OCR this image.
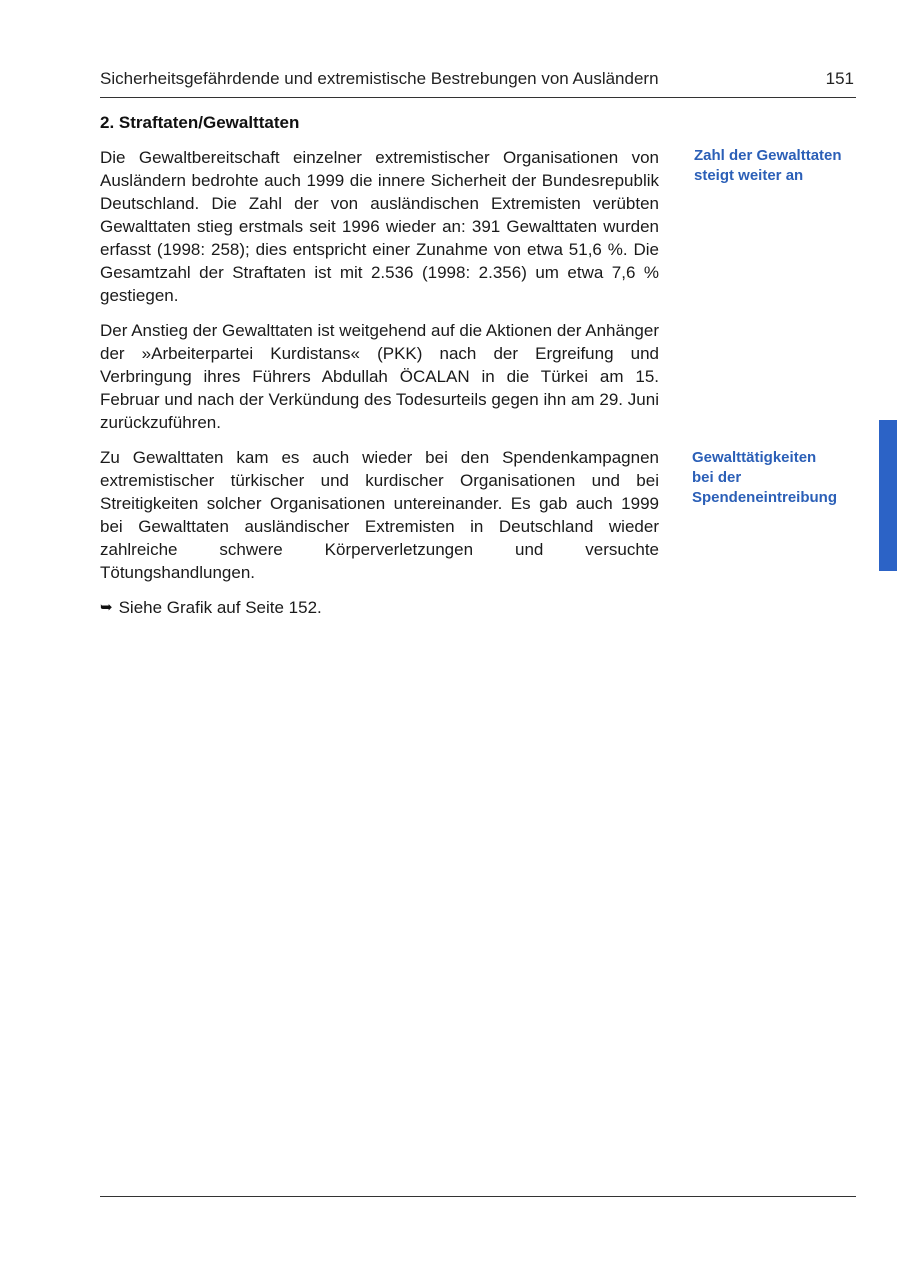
Sicherheitsgefährdende und extremistische Bestrebungen von Ausländern	151
2. Straftaten/Gewalttaten

Die Gewaltbereitschaft einzelner extremistischer Organisationen von Ausländern bedrohte auch 1999 die innere Sicherheit der Bundesrepublik Deutschland. Die Zahl der von ausländischen Extremisten verübten Gewalttaten stieg erstmals seit 1996 wieder an: 391 Gewalttaten wurden erfasst (1998: 258); dies entspricht einer Zunahme von etwa 51,6 %. Die Gesamtzahl der Straftaten ist mit 2.536 (1998: 2.356) um etwa 7,6 % gestiegen.

Der Anstieg der Gewalttaten ist weitgehend auf die Aktionen der Anhänger der »Arbeiterpartei Kurdistans« (PKK) nach der Ergreifung und Verbringung ihres Führers Abdullah ÖCALAN in die Türkei am 15. Februar und nach der Verkündung des Todesurteils gegen ihn am 29. Juni zurückzuführen.

Zu Gewalttaten kam es auch wieder bei den Spendenkampagnen extremistischer türkischer und kurdischer Organisationen und bei Streitigkeiten solcher Organisationen untereinander. Es gab auch 1999 bei Gewalttaten ausländischer Extremisten in Deutschland wieder zahlreiche schwere Körperverletzungen und versuchte Tötungshandlungen.

➥ Siehe Grafik auf Seite 152.
Zahl der Gewalttaten steigt weiter an
Gewalttätigkeiten bei der Spendeneintreibung
